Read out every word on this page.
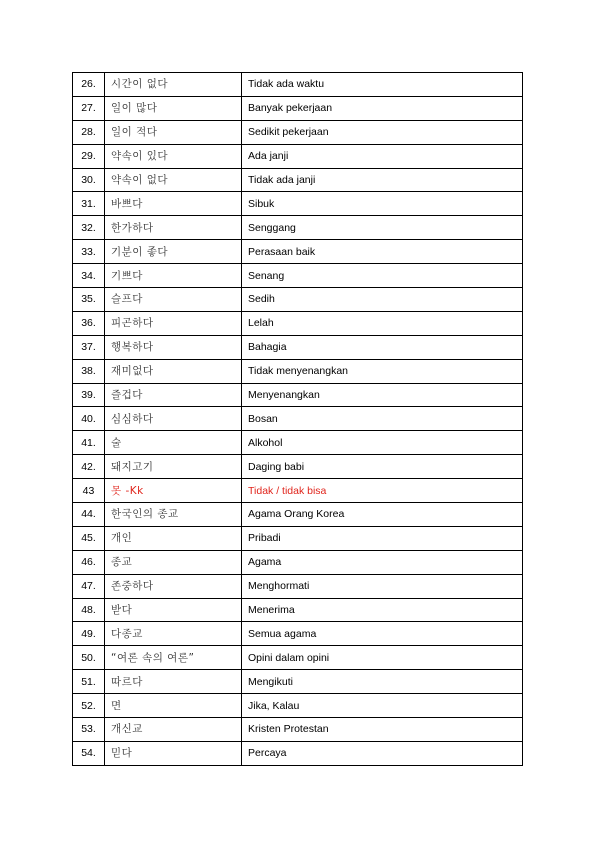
26.	시간이 없다	Tidak ada waktu
27.	일이 많다	Banyak pekerjaan
28.	일이 적다	Sedikit pekerjaan
29.	약속이 있다	Ada janji
30.	약속이 없다	Tidak ada janji
31.	바쁘다	Sibuk
32.	한가하다	Senggang
33.	기분이 좋다	Perasaan baik
34.	기쁘다	Senang
35.	슬프다	Sedih
36.	피곤하다	Lelah
37.	행복하다	Bahagia
38.	재미없다	Tidak menyenangkan
39.	즐겁다	Menyenangkan
40.	심심하다	Bosan
41.	술	Alkohol
42.	돼지고기	Daging babi
43	못 -Kk	Tidak / tidak bisa
44.	한국인의 종교	Agama Orang Korea
45.	개인	Pribadi
46.	종교	Agama
47.	존중하다	Menghormati
48.	받다	Menerima
49.	다종교	Semua agama
50.	“여론 속의 여론”	Opini dalam opini
51.	따르다	Mengikuti
52.	면	Jika, Kalau
53.	개신교	Kristen Protestan
54.	믿다	Percaya
